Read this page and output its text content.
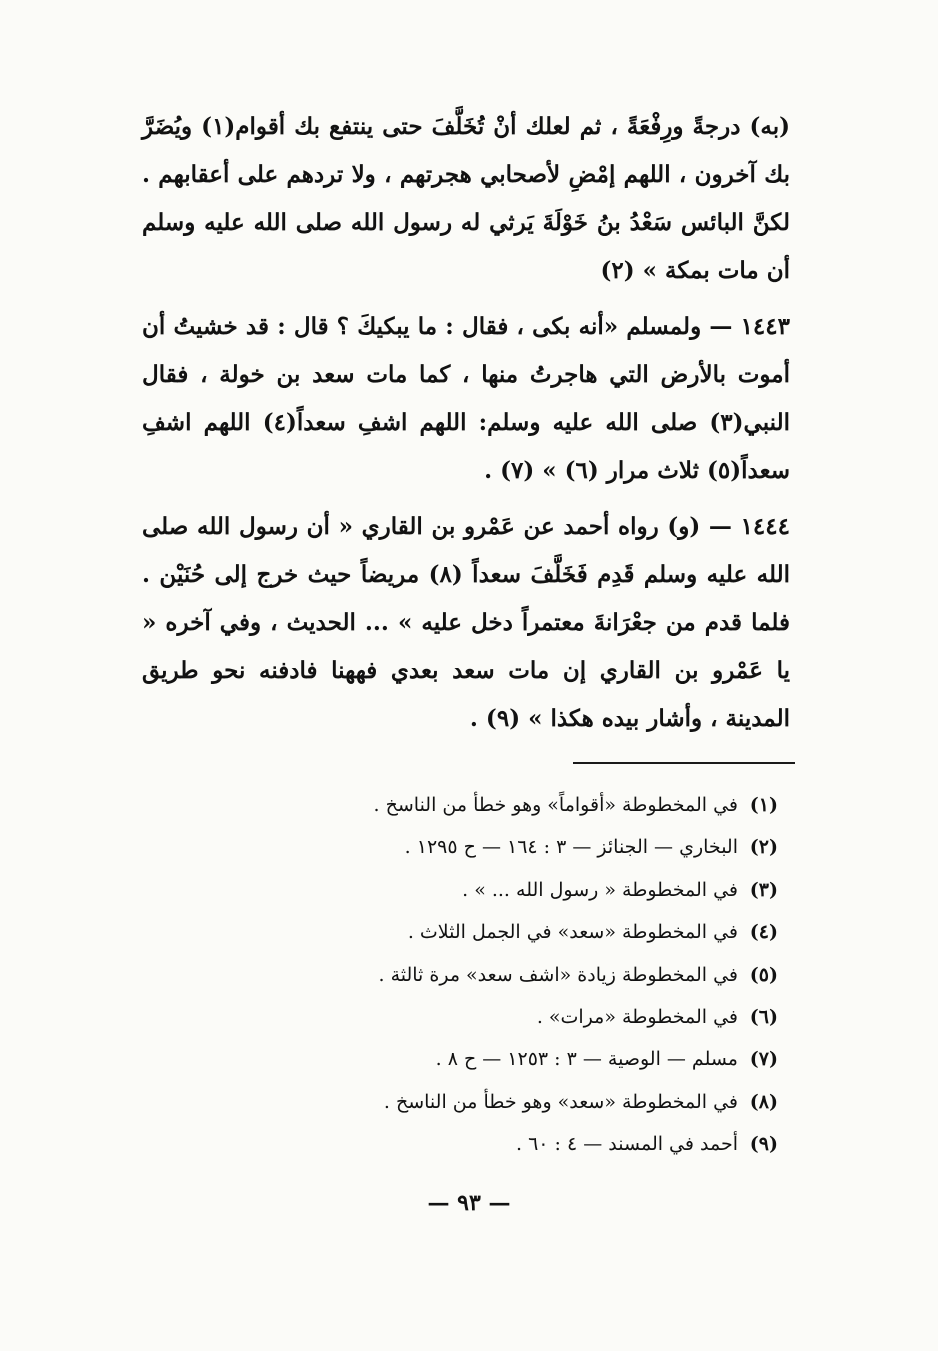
(به) درجةً ورِفْعَةً ، ثم لعلك أنْ تُخَلَّفَ حتى ينتفع بك أقوام(١) ويُضَرَّ بك آخرون ، اللهم إمْضِ لأصحابي هجرتهم ، ولا تردهم على أعقابهم . لكنَّ البائس سَعْدُ بنُ خَوْلَةَ يَرثي له رسول الله صلى الله عليه وسلم أن مات بمكة » (٢)

١٤٤٣ — ولمسلم «أنه بكى ، فقال : ما يبكيكَ ؟ قال : قد خشيتُ أن أموت بالأرض التي هاجرتُ منها ، كما مات سعد بن خولة ، فقال النبي(٣) صلى الله عليه وسلم: اللهم اشفِ سعداً(٤) اللهم اشفِ سعداً(٥) ثلاث مرار (٦) » (٧) .

١٤٤٤ — (و) رواه أحمد عن عَمْرو بن القاري « أن رسول الله صلى الله عليه وسلم قَدِم فَخَلَّفَ سعداً (٨) مريضاً حيث خرج إلى حُنَيْن . فلما قدم من جعْرَانةَ معتمراً دخل عليه » ... الحديث ، وفي آخره « يا عَمْرو بن القاري إن مات سعد بعدي فههنا فادفنه نحو طريق المدينة ، وأشار بيده هكذا » (٩) .

(١)
في المخطوطة «أقواماً» وهو خطأ من الناسخ .
(٢)
البخاري — الجنائز — ٣ : ١٦٤ — ح ١٢٩٥ .
(٣)
في المخطوطة « رسول الله ... » .
(٤)
في المخطوطة «سعد» في الجمل الثلاث .
(٥)
في المخطوطة زيادة «اشف سعد» مرة ثالثة .
(٦)
في المخطوطة «مرات» .
(٧)
مسلم — الوصية — ٣ : ١٢٥٣ — ح ٨ .
(٨)
في المخطوطة «سعد» وهو خطأ من الناسخ .
(٩)
أحمد في المسند — ٤ : ٦٠ .
— ٩٣ —
